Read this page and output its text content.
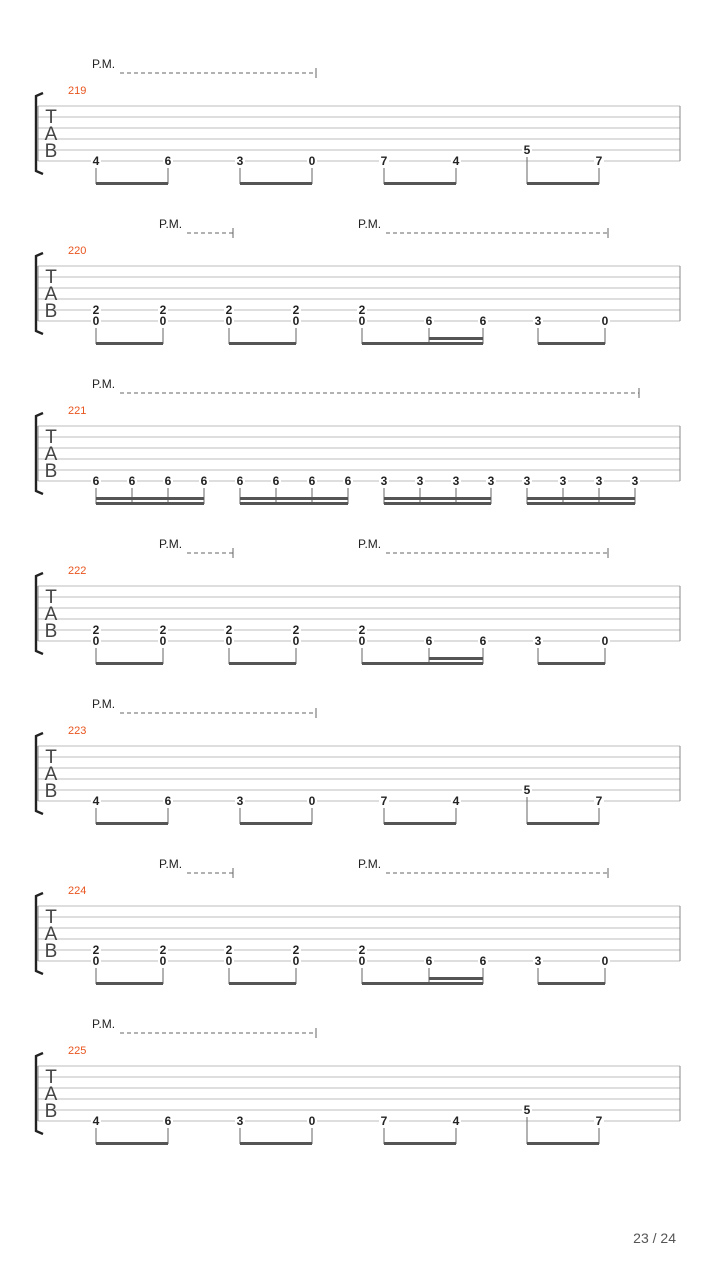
P.M.
219
T
A
B	4	6	3	0	7	4
5
7
P.M.	P.M.
220
T
A
B	2
0
2
0
2
0
2
0
2
0	6	6	3	0
P.M.
221
T
A
B	6 6 6 6 6 6 6 6 3 3 3 3 3 3 3 3
P.M.	P.M.
222
T
A
B	2
0
2
0
2
0
2
0
2
0	6	6	3	0
P.M.
223
T
A
B	4	6	3	0	7	4
5
7
P.M.	P.M.
224
T
A
B	2
0
2
0
2
0
2
0
2
0	6	6	3	0
P.M.
225
T
A
B	4	6	3	0	7	4
5
7
23 / 24
